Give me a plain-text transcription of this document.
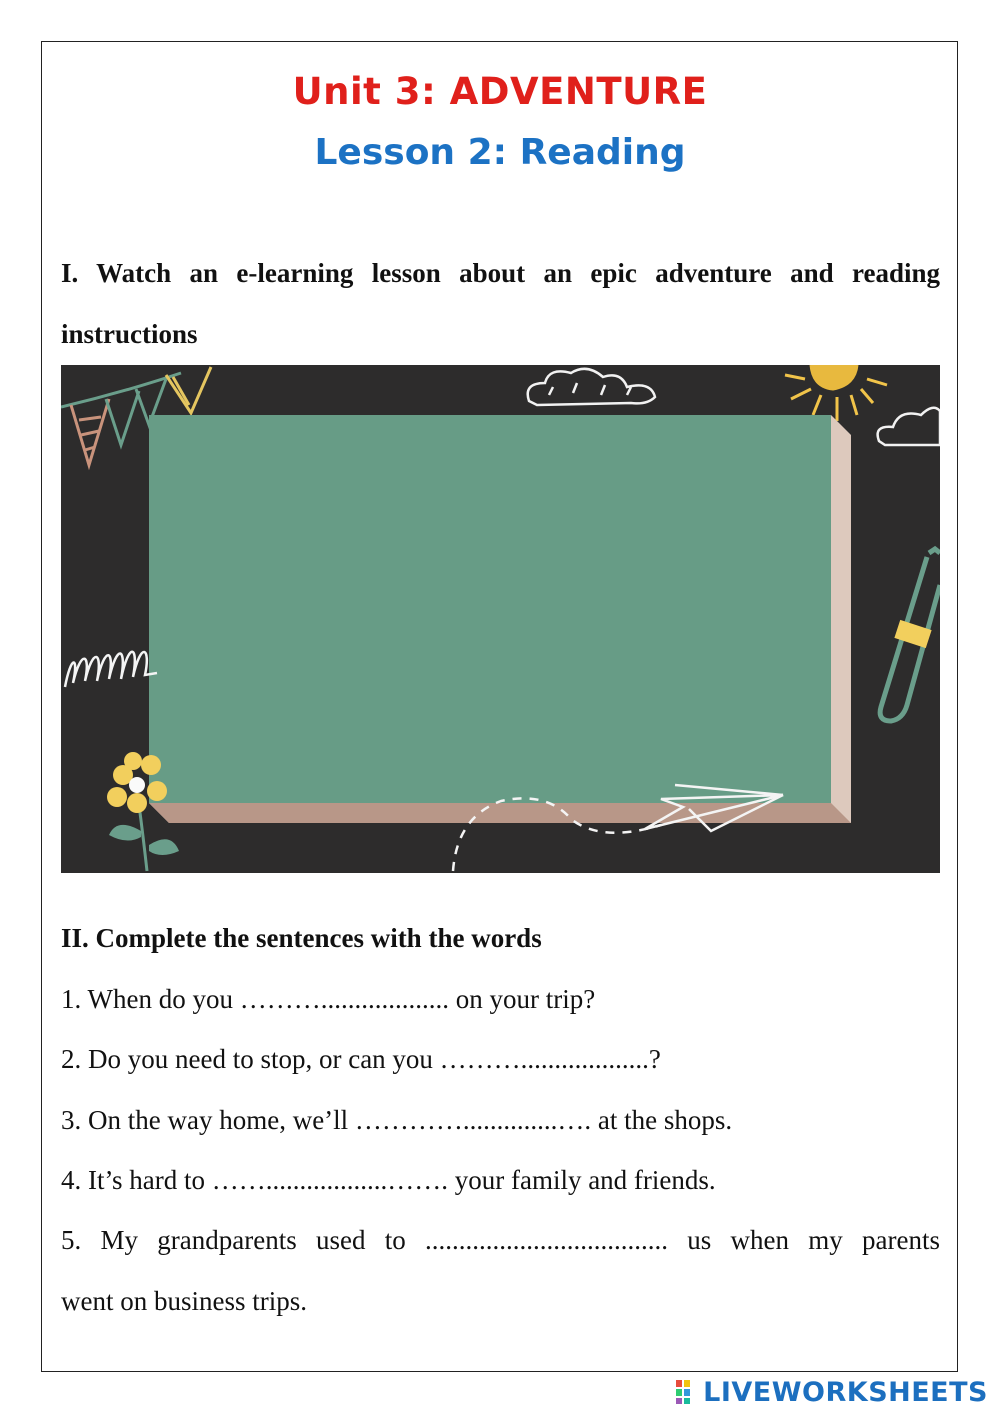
Unit 3: ADVENTURE
Lesson 2: Reading
I. Watch an e-learning lesson about an epic adventure and reading
instructions
II. Complete the sentences with the words
1. When do you ………................... on your trip?
2. Do you need to stop, or can you ………...................?
3. On the way home, we’ll …………..............…. at the shops.
4. It’s hard to ……..................……. your family and friends.
5. My grandparents used to .................................... us when my parents
went on business trips.
LIVEWORKSHEETS
